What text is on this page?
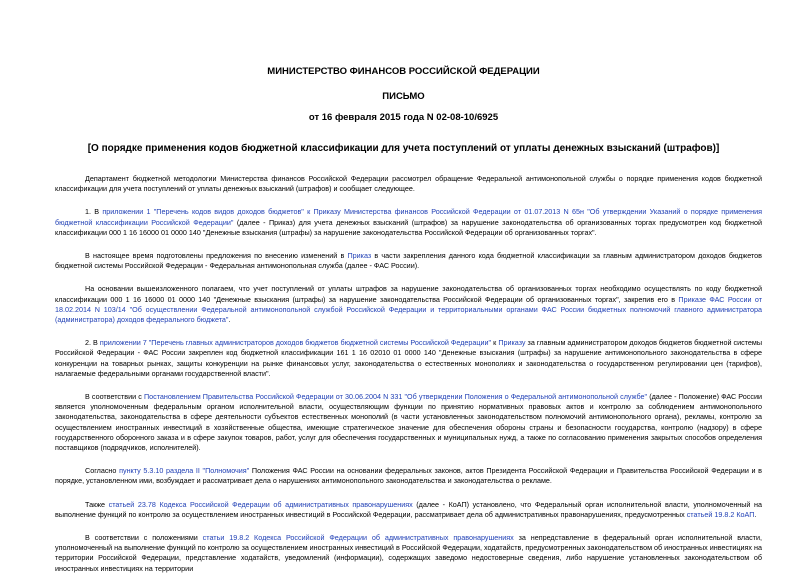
МИНИСТЕРСТВО ФИНАНСОВ РОССИЙСКОЙ ФЕДЕРАЦИИ
ПИСЬМО
от 16 февраля 2015 года N 02-08-10/6925
[О порядке применения кодов бюджетной классификации для учета поступлений от уплаты денежных взысканий (штрафов)]

Департамент бюджетной методологии Министерства финансов Российской Федерации рассмотрел обращение Федеральной антимонопольной службы о порядке применения кодов бюджетной классификации для учета поступлений от уплаты денежных взысканий (штрафов) и сообщает следующее.

1. В приложении 1 "Перечень кодов видов доходов бюджетов" к Приказу Министерства финансов Российской Федерации от 01.07.2013 N 65н "Об утверждении Указаний о порядке применения бюджетной классификации Российской Федерации" (далее - Приказ) для учета денежных взысканий (штрафов) за нарушение законодательства об организованных торгах предусмотрен код бюджетной классификации 000 1 16 16000 01 0000 140 "Денежные взыскания (штрафы) за нарушение законодательства Российской Федерации об организованных торгах".

В настоящее время подготовлены предложения по внесению изменений в Приказ в части закрепления данного кода бюджетной классификации за главным администратором доходов бюджетов бюджетной системы Российской Федерации - Федеральная антимонопольная служба (далее - ФАС России).

На основании вышеизложенного полагаем, что учет поступлений от уплаты штрафов за нарушение законодательства об организованных торгах необходимо осуществлять по коду бюджетной классификации 000 1 16 16000 01 0000 140 "Денежные взыскания (штрафы) за нарушение законодательства Российской Федерации об организованных торгах", закрепив его в Приказе ФАС России от 18.02.2014 N 103/14 "Об осуществлении Федеральной антимонопольной службой Российской Федерации и территориальными органами ФАС России бюджетных полномочий главного администратора (администратора) доходов федерального бюджета".

2. В приложении 7 "Перечень главных администраторов доходов бюджетов бюджетной системы Российской Федерации" к Приказу за главным администратором доходов бюджетов бюджетной системы Российской Федерации - ФАС России закреплен код бюджетной классификации 161 1 16 02010 01 0000 140 "Денежные взыскания (штрафы) за нарушение антимонопольного законодательства в сфере конкуренции на товарных рынках, защиты конкуренции на рынке финансовых услуг, законодательства о естественных монополиях и законодательства о государственном регулировании цен (тарифов), налагаемые федеральными органами государственной власти".

В соответствии с Постановлением Правительства Российской Федерации от 30.06.2004 N 331 "Об утверждении Положения о Федеральной антимонопольной службе" (далее - Положение) ФАС России является уполномоченным федеральным органом исполнительной власти, осуществляющим функции по принятию нормативных правовых актов и контролю за соблюдением антимонопольного законодательства, законодательства в сфере деятельности субъектов естественных монополий (в части установленных законодательством полномочий антимонопольного органа), рекламы, контролю за осуществлением иностранных инвестиций в хозяйственные общества, имеющие стратегическое значение для обеспечения обороны страны и безопасности государства, контролю (надзору) в сфере государственного оборонного заказа и в сфере закупок товаров, работ, услуг для обеспечения государственных и муниципальных нужд, а также по согласованию применения закрытых способов определения поставщиков (подрядчиков, исполнителей).

Согласно пункту 5.3.10 раздела II "Полномочия" Положения ФАС России на основании федеральных законов, актов Президента Российской Федерации и Правительства Российской Федерации и в порядке, установленном ими, возбуждает и рассматривает дела о нарушениях антимонопольного законодательства и законодательства о рекламе.

Также статьей 23.78 Кодекса Российской Федерации об административных правонарушениях (далее - КоАП) установлено, что Федеральный орган исполнительной власти, уполномоченный на выполнение функций по контролю за осуществлением иностранных инвестиций в Российской Федерации, рассматривает дела об административных правонарушениях, предусмотренных статьей 19.8.2 КоАП.

В соответствии с положениями статьи 19.8.2 Кодекса Российской Федерации об административных правонарушениях за непредставление в федеральный орган исполнительной власти, уполномоченный на выполнение функций по контролю за осуществлением иностранных инвестиций в Российской Федерации, ходатайств, предусмотренных законодательством об иностранных инвестициях на территории Российской Федерации, представление ходатайств, уведомлений (информации), содержащих заведомо недостоверные сведения, либо нарушение установленных законодательством об иностранных инвестициях на территории
